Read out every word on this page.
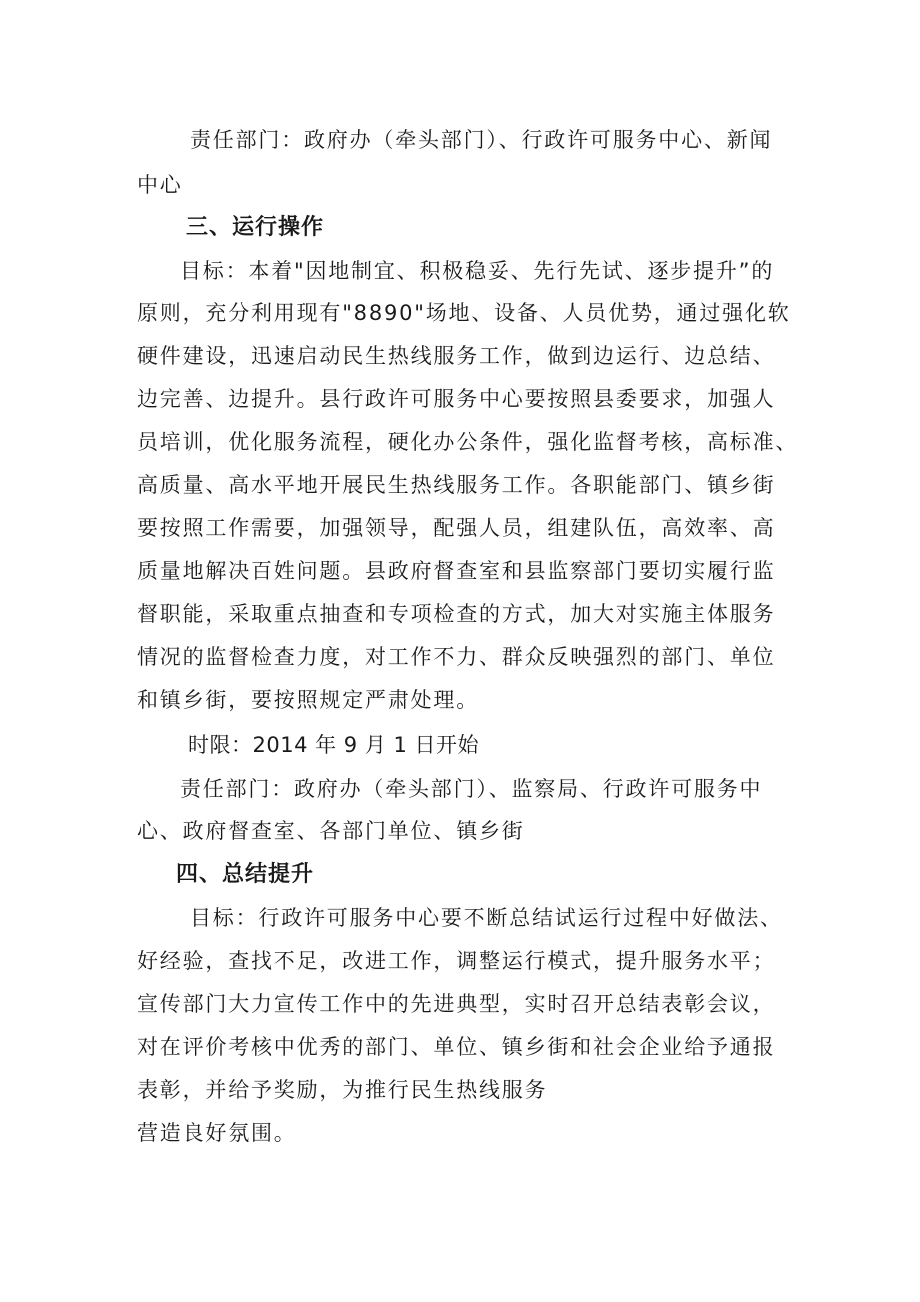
责任部门：政府办（牵头部门）、行政许可服务中心、新闻
中心
三、运行操作
目标：本着"因地制宜、积极稳妥、先行先试、逐步提升”的
原则，充分利用现有"8890"场地、设备、人员优势，通过强化软
硬件建设，迅速启动民生热线服务工作，做到边运行、边总结、
边完善、边提升。县行政许可服务中心要按照县委要求，加强人
员培训，优化服务流程，硬化办公条件，强化监督考核，高标准、
高质量、高水平地开展民生热线服务工作。各职能部门、镇乡街
要按照工作需要，加强领导，配强人员，组建队伍，高效率、高
质量地解决百姓问题。县政府督查室和县监察部门要切实履行监
督职能，采取重点抽查和专项检查的方式，加大对实施主体服务
情况的监督检查力度，对工作不力、群众反映强烈的部门、单位
和镇乡街，要按照规定严肃处理。
时限：2014 年 9 月 1 日开始
责任部门：政府办（牵头部门）、监察局、行政许可服务中
心、政府督查室、各部门单位、镇乡街
四、总结提升
目标：行政许可服务中心要不断总结试运行过程中好做法、
好经验，查找不足，改进工作，调整运行模式，提升服务水平；
宣传部门大力宣传工作中的先进典型，实时召开总结表彰会议，
对在评价考核中优秀的部门、单位、镇乡街和社会企业给予通报
表彰，并给予奖励，为推行民生热线服务
营造良好氛围。
